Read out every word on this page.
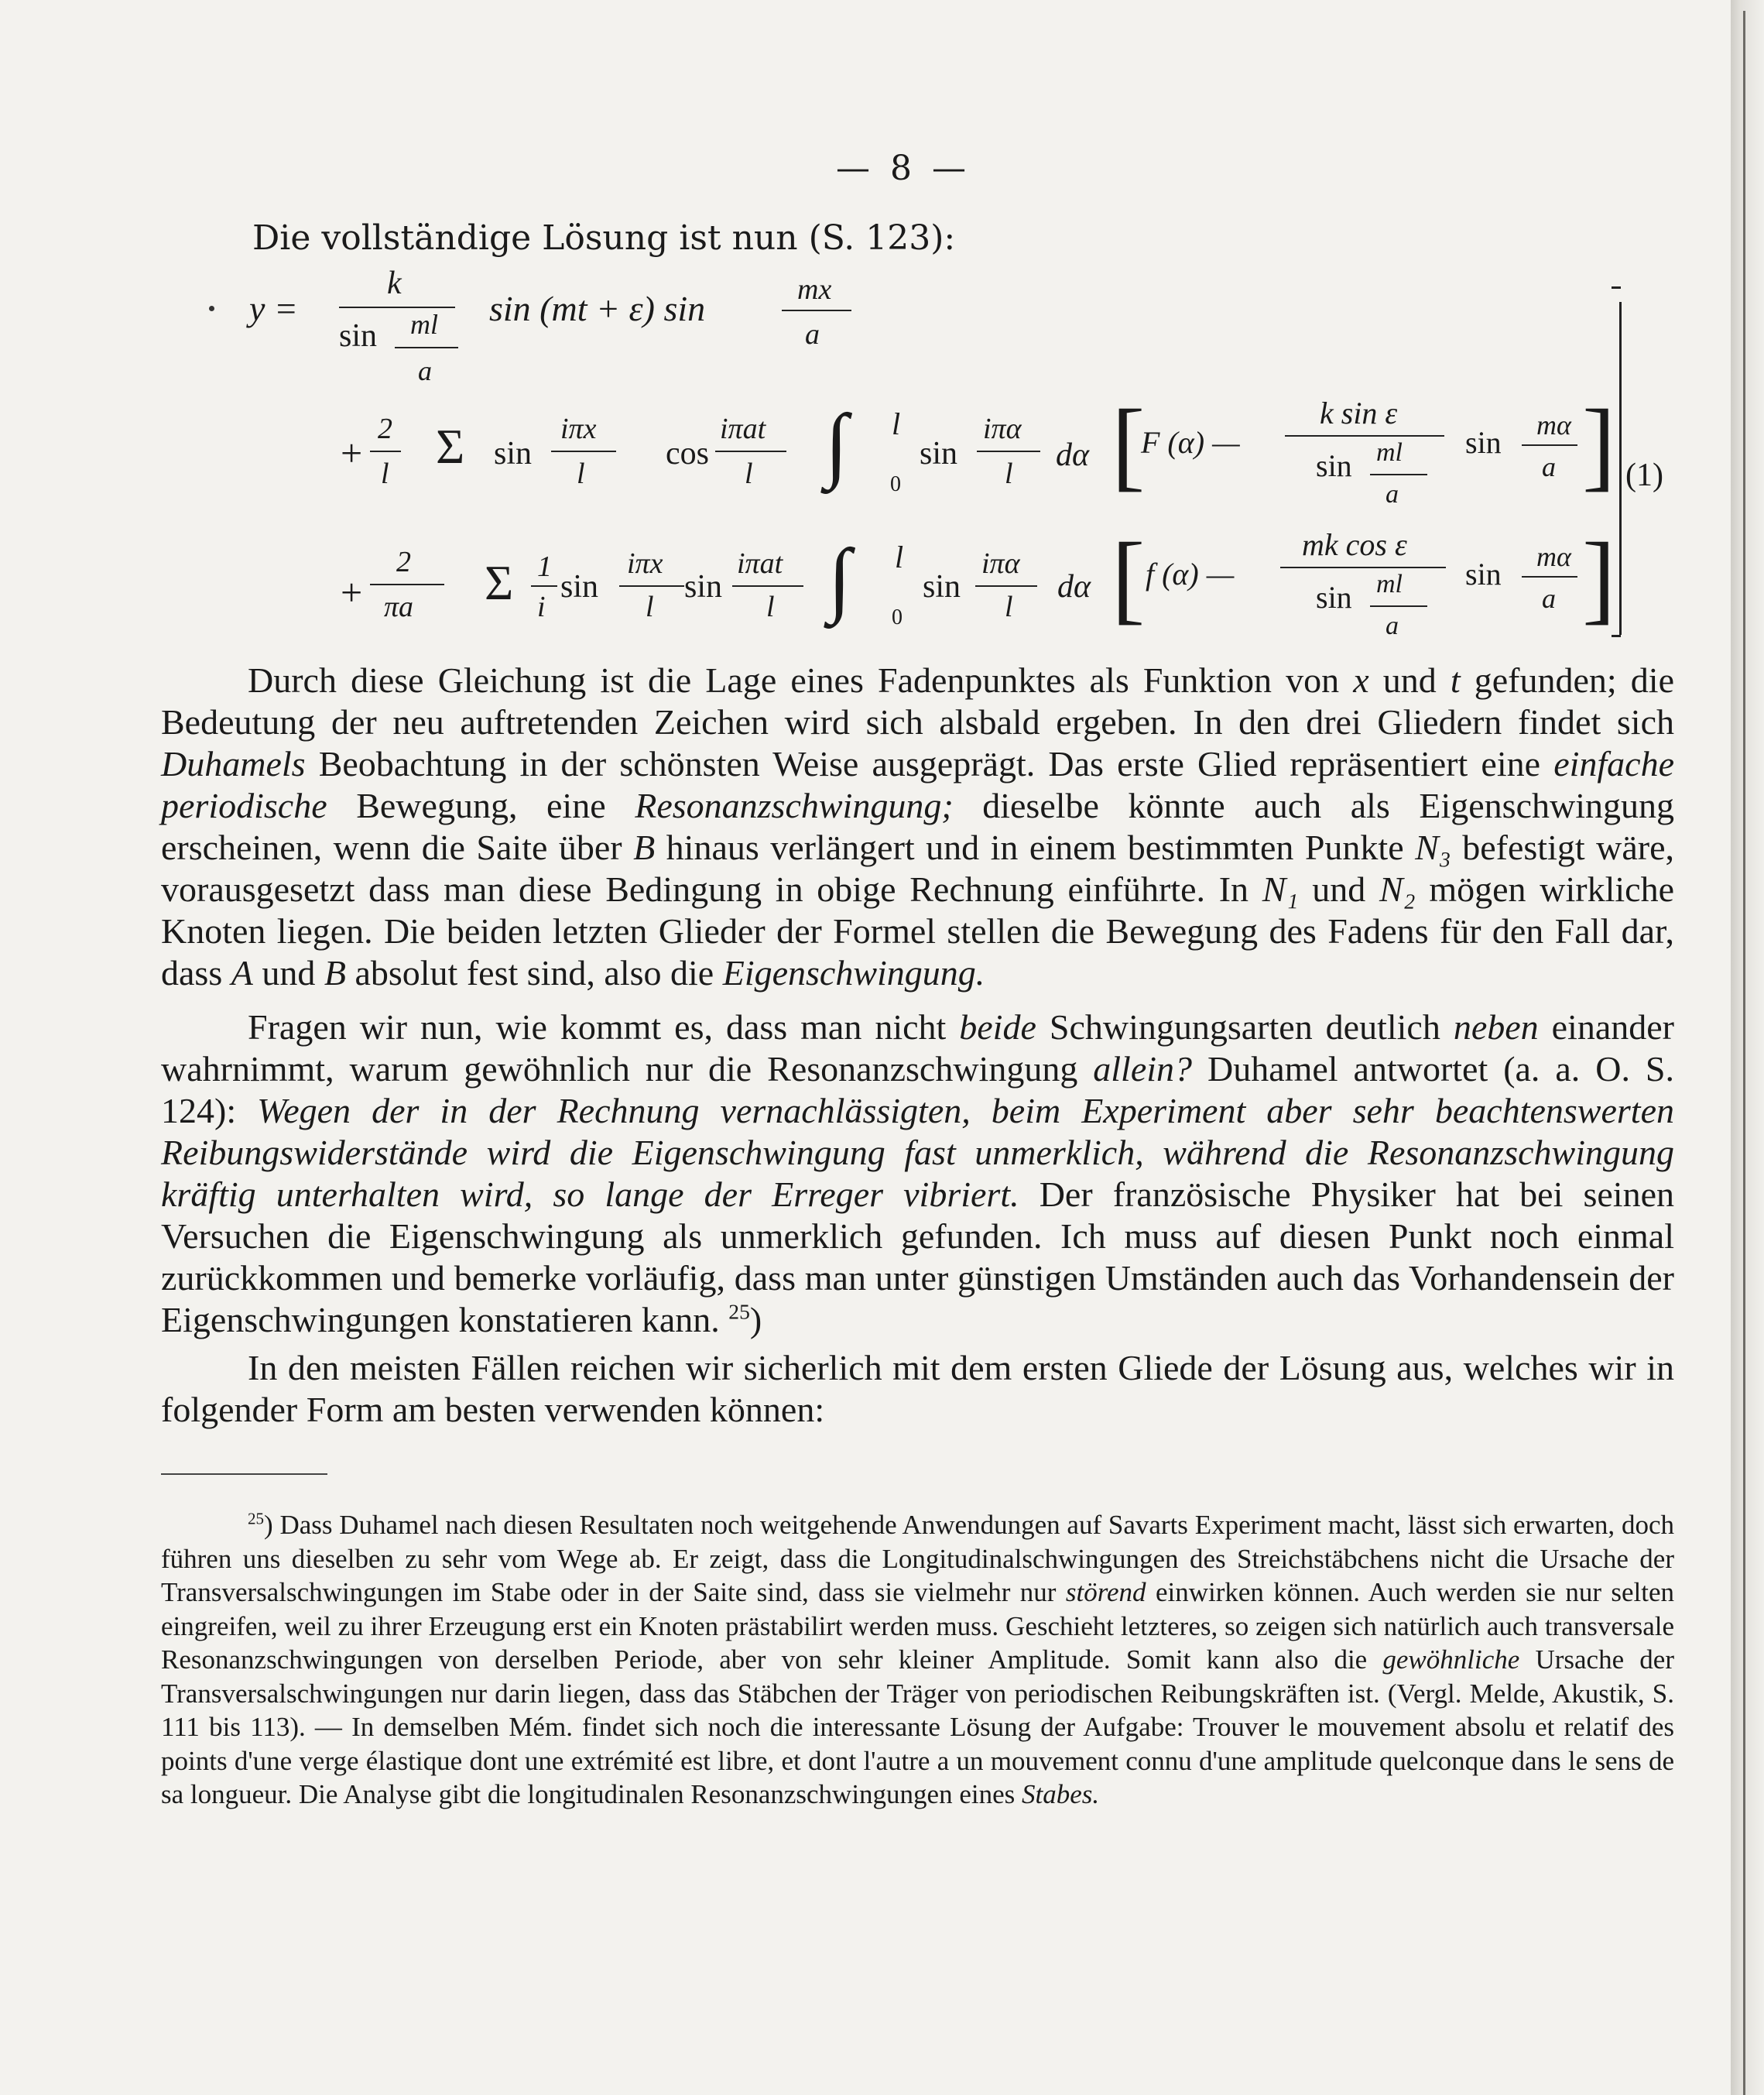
— 8 —
Die vollständige Lösung ist nun (S. 123):
y =
k
sin ml
a
sin (mt + ε) sin	mx
a
+
2
l Σ sin
iπx
l
cos
iπat
l ∫ l
0
sin
iπα
l
dα [
F (α) —
k sin ε
sin ml
a
sin mα
a ] (1)
+
2
πa Σ 1
i
sin
iπx
l
sin
iπat
l ∫ l
0
sin
iπα
l
dα [ f (α) —
mk cos ε
sin ml
a
sin mα
a ]

Durch diese Gleichung ist die Lage eines Fadenpunktes als Funktion von x und t gefunden; die Bedeutung der neu auftretenden Zeichen wird sich alsbald ergeben. In den drei Gliedern findet sich Duhamels Beobachtung in der schönsten Weise ausgeprägt. Das erste Glied repräsentiert eine einfache periodische Bewegung, eine Resonanzschwingung; dieselbe könnte auch als Eigenschwingung erscheinen, wenn die Saite über B hinaus verlängert und in einem bestimmten Punkte N₃ befestigt wäre, vorausgesetzt dass man diese Bedingung in obige Rechnung einführte. In N₁ und N₂ mögen wirkliche Knoten liegen. Die beiden letzten Glieder der Formel stellen die Bewegung des Fadens für den Fall dar, dass A und B absolut fest sind, also die Eigenschwingung.

Fragen wir nun, wie kommt es, dass man nicht beide Schwingungsarten deutlich neben einander wahrnimmt, warum gewöhnlich nur die Resonanzschwingung allein? Duhamel antwortet (a. a. O. S. 124): Wegen der in der Rechnung vernachlässigten, beim Experiment aber sehr beachtenswerten Reibungswiderstände wird die Eigenschwingung fast unmerklich, während die Resonanzschwingung kräftig unterhalten wird, so lange der Erreger vibriert. Der französische Physiker hat bei seinen Versuchen die Eigenschwingung als unmerklich gefunden. Ich muss auf diesen Punkt noch einmal zurückkommen und bemerke vorläufig, dass man unter günstigen Umständen auch das Vorhandensein der Eigenschwingungen konstatieren kann. $^{25}$)

In den meisten Fällen reichen wir sicherlich mit dem ersten Gliede der Lösung aus, welches wir in folgender Form am besten verwenden können:

$^{25}$) Dass Duhamel nach diesen Resultaten noch weitgehende Anwendungen auf Savarts Experiment macht, lässt sich erwarten, doch führen uns dieselben zu sehr vom Wege ab. Er zeigt, dass die Longitudinalschwingungen des Streichstäbchens nicht die Ursache der Transversalschwingungen im Stabe oder in der Saite sind, dass sie vielmehr nur störend einwirken können. Auch werden sie nur selten eingreifen, weil zu ihrer Erzeugung erst ein Knoten prästabilirt werden muss. Geschieht letzteres, so zeigen sich natürlich auch transversale Resonanzschwingungen von derselben Periode, aber von sehr kleiner Amplitude. Somit kann also die gewöhnliche Ursache der Transversalschwingungen nur darin liegen, dass das Stäbchen der Träger von periodischen Reibungskräften ist. (Vergl. Melde, Akustik, S. 111 bis 113). — In demselben Mém. findet sich noch die interessante Lösung der Aufgabe: Trouver le mouvement absolu et relatif des points d'une verge élastique dont une extrémité est libre, et dont l'autre a un mouvement connu d'une amplitude quelconque dans le sens de sa longueur. Die Analyse gibt die longitudinalen Resonanzschwingungen eines Stabes.
